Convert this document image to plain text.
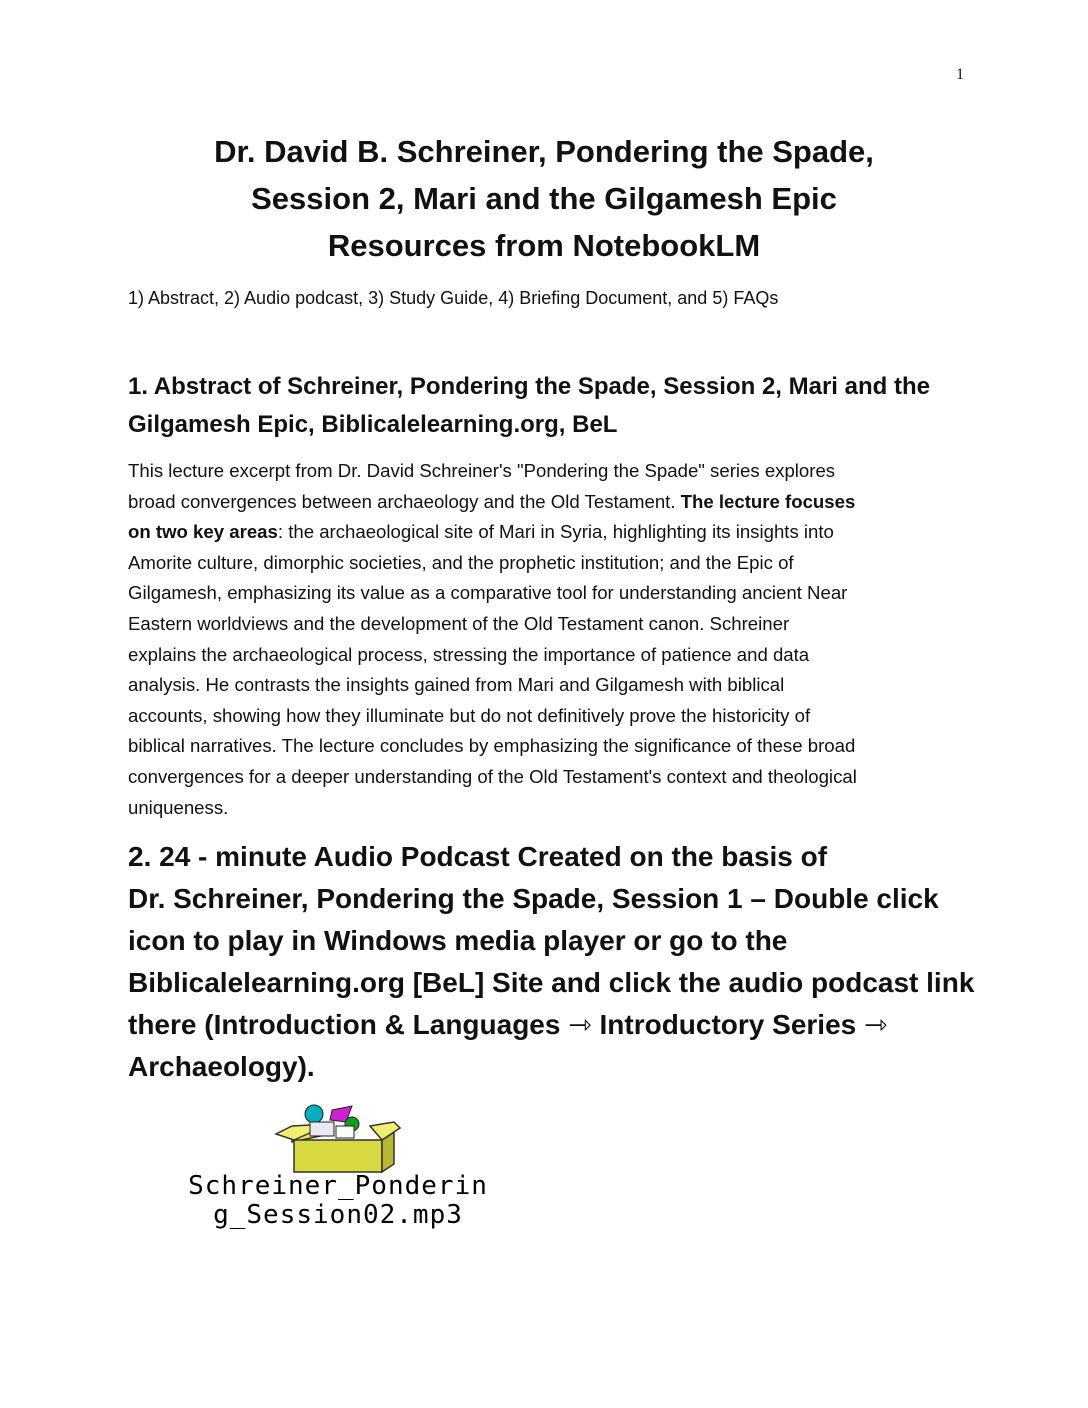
1
Dr. David B. Schreiner, Pondering the Spade,
Session 2, Mari and the Gilgamesh Epic
Resources from NotebookLM
1) Abstract, 2) Audio podcast, 3) Study Guide, 4) Briefing Document, and 5) FAQs
1. Abstract of Schreiner, Pondering the Spade, Session 2, Mari and the
Gilgamesh Epic, Biblicalelearning.org, BeL
This lecture excerpt from Dr. David Schreiner's "Pondering the Spade" series explores
broad convergences between archaeology and the Old Testament. The lecture focuses
on two key areas: the archaeological site of Mari in Syria, highlighting its insights into
Amorite culture, dimorphic societies, and the prophetic institution; and the Epic of
Gilgamesh, emphasizing its value as a comparative tool for understanding ancient Near
Eastern worldviews and the development of the Old Testament canon. Schreiner
explains the archaeological process, stressing the importance of patience and data
analysis. He contrasts the insights gained from Mari and Gilgamesh with biblical
accounts, showing how they illuminate but do not definitively prove the historicity of
biblical narratives. The lecture concludes by emphasizing the significance of these broad
convergences for a deeper understanding of the Old Testament's context and theological
uniqueness.
2. 24 - minute Audio Podcast Created on the basis of
Dr. Schreiner, Pondering the Spade, Session 1 – Double click
icon to play in Windows media player or go to the
Biblicalelearning.org [BeL] Site and click the audio podcast link
there (Introduction & Languages ⇾ Introductory Series ⇾
Archaeology).
Schreiner_Ponderin
g_Session02.mp3
